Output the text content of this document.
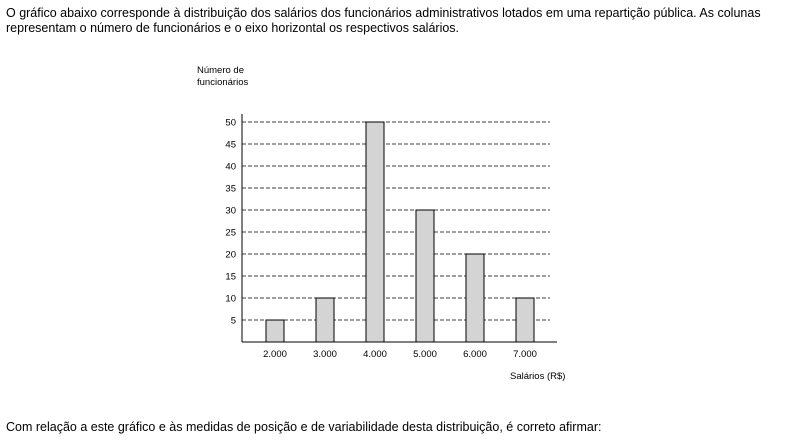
O gráfico abaixo corresponde à distribuição dos salários dos funcionários administrativos lotados em uma repartição pública. As colunas representam o número de funcionários e o eixo horizontal os respectivos salários.

5
10
15
20
25
30
35
40
45
50
2.000	3.000	4.000	5.000	6.000	7.000
Número de
funcionários
Salários (R$)

Com relação a este gráfico e às medidas de posição e de variabilidade desta distribuição, é correto afirmar:
